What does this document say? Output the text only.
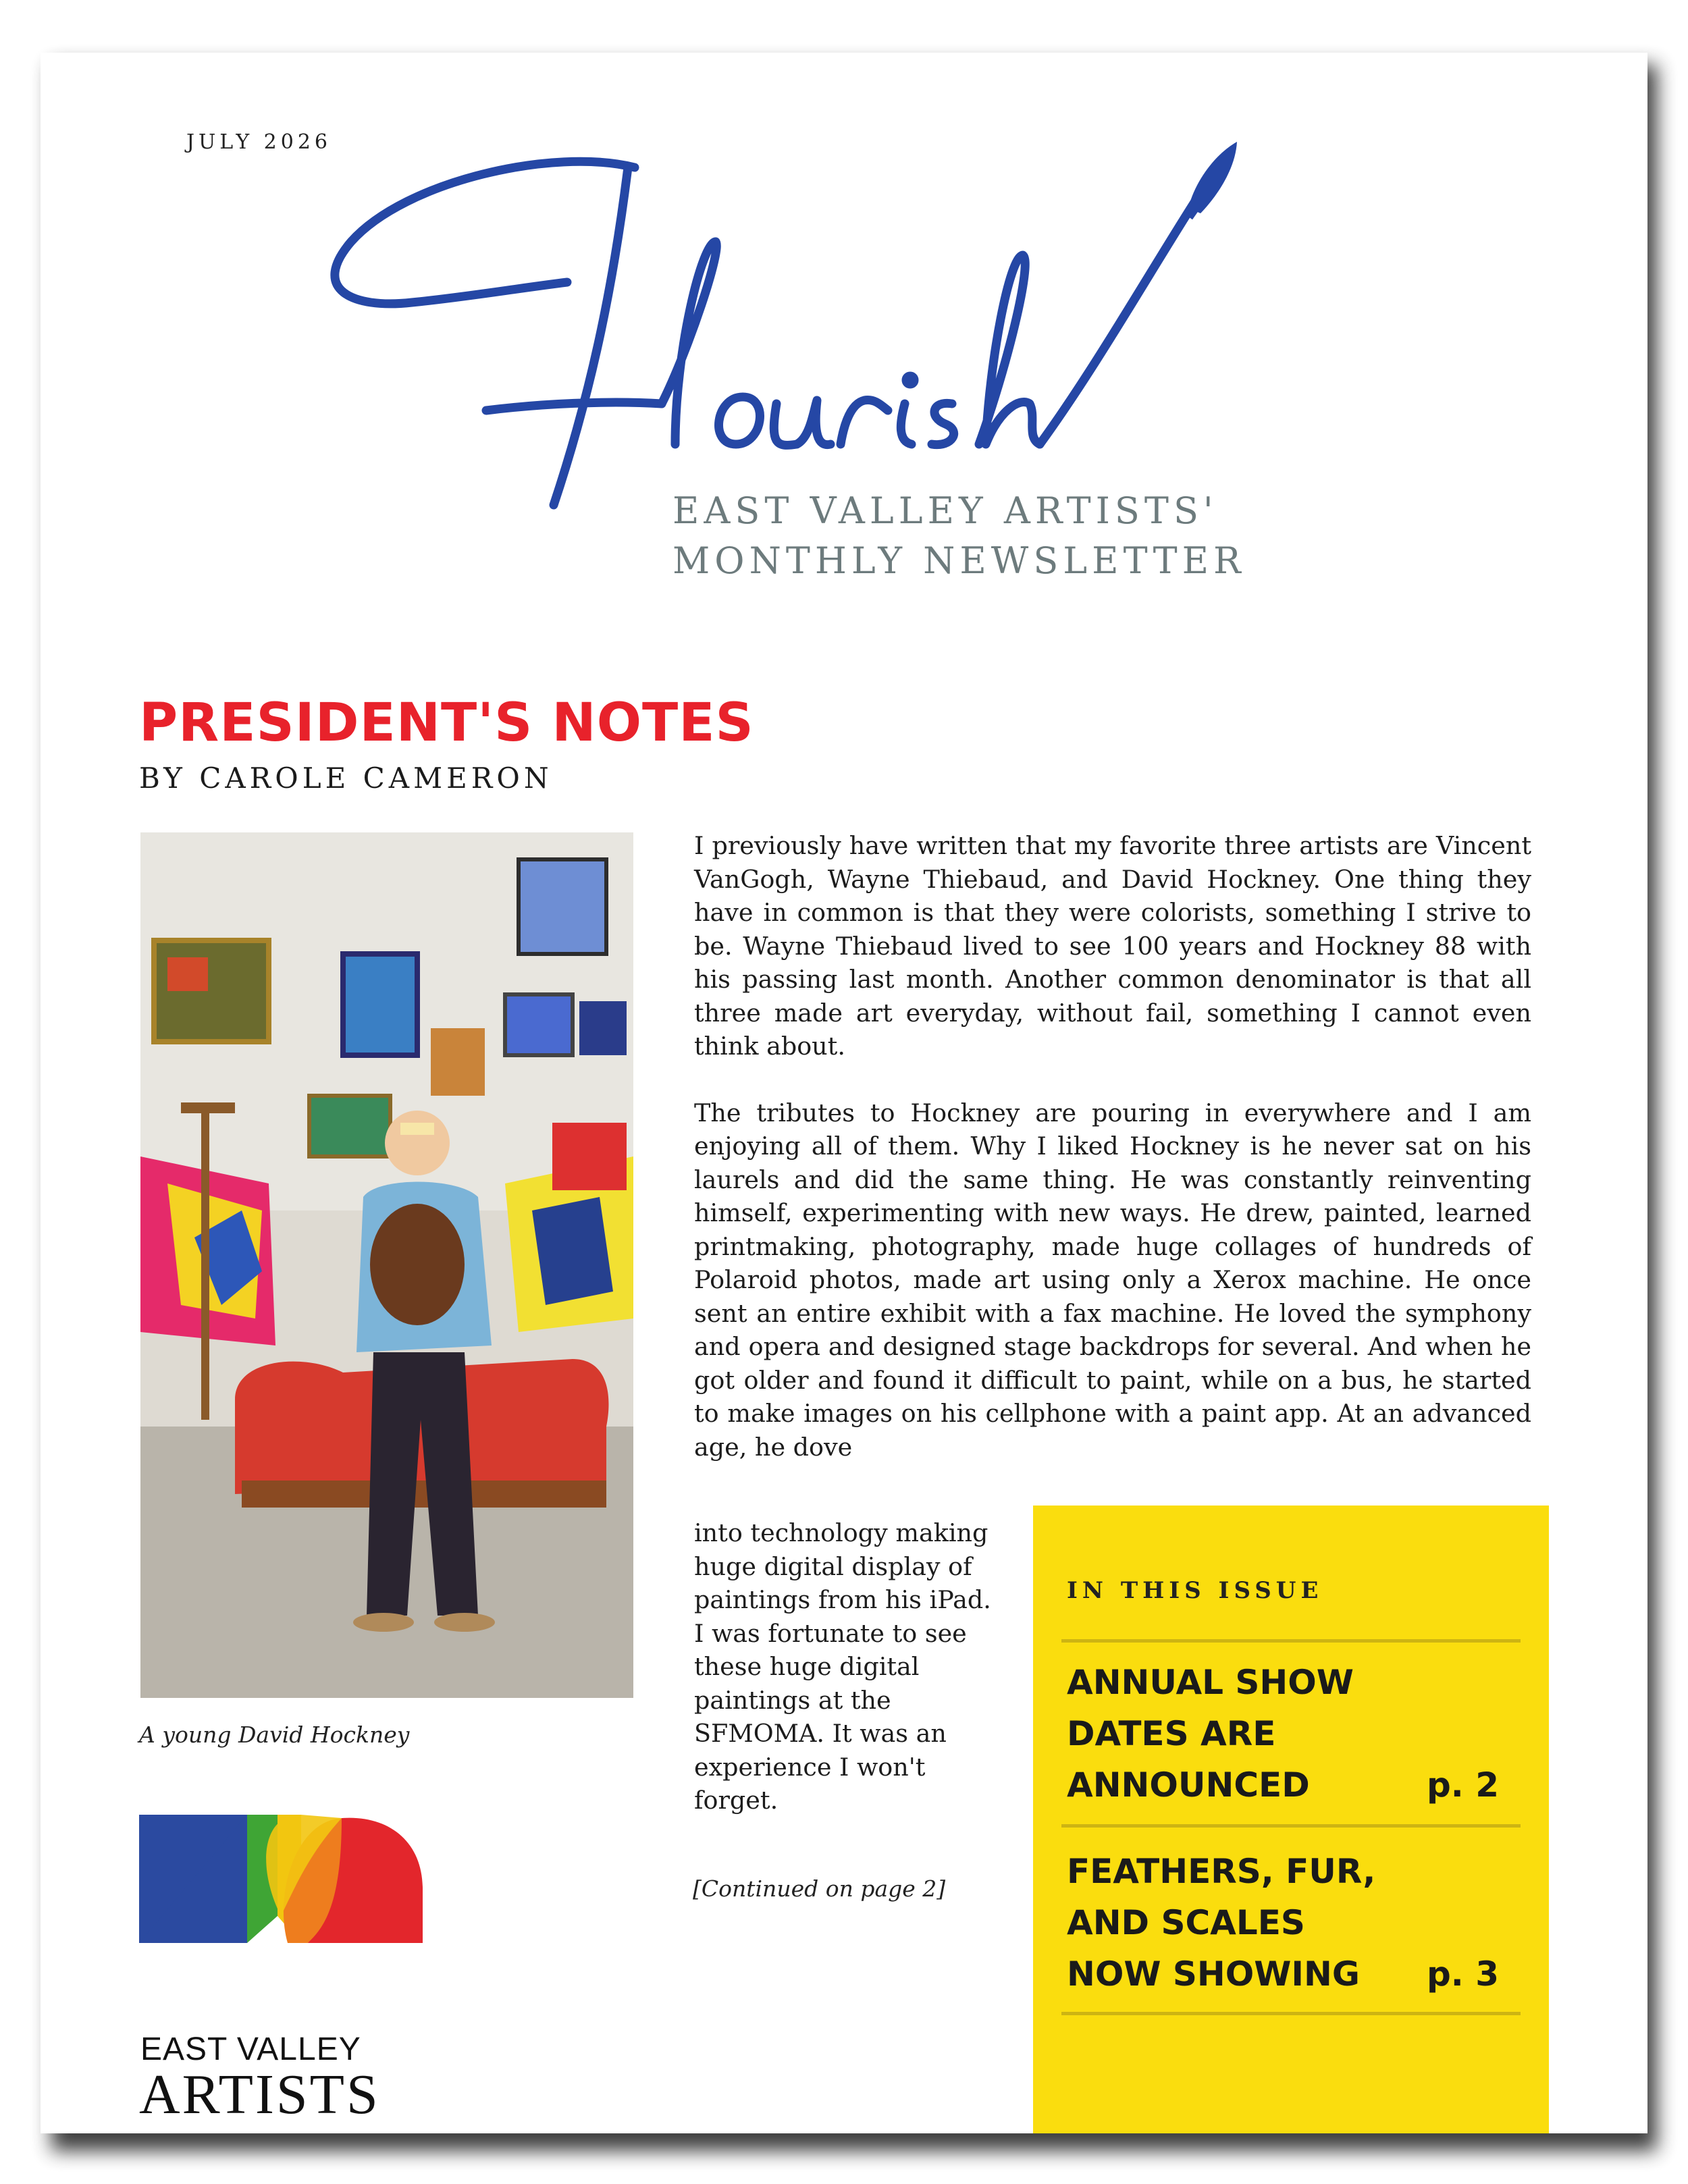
JULY 2026
EAST VALLEY ARTISTS'
MONTHLY NEWSLETTER
PRESIDENT'S NOTES
BY CAROLE CAMERON
A young David Hockney

I previously have written that my favorite three artists are Vincent VanGogh, Wayne Thiebaud, and David Hockney. One thing they have in common is that they were colorists, something I strive to be. Wayne Thiebaud lived to see 100 years and Hockney 88 with his passing last month. Another common denominator is that all three made art everyday, without fail, something I cannot even think about.

The tributes to Hockney are pouring in everywhere and I am enjoying all of them. Why I liked Hockney is he never sat on his laurels and did the same thing. He was constantly reinventing himself, experimenting with new ways. He drew, painted, learned printmaking, photography, made huge collages of hundreds of Polaroid photos, made art using only a Xerox machine. He once sent an entire exhibit with a fax machine. He loved the symphony and opera and designed stage backdrops for several. And when he got older and found it difficult to paint, while on a bus, he started to make images on his cellphone with a paint app. At an advanced age, he dove

into technology making huge digital display of paintings from his iPad. I was fortunate to see these huge digital paintings at the SFMOMA. It was an experience I won't forget.
[Continued on page 2]
EAST VALLEY
ARTISTS
IN THIS ISSUE
ANNUAL SHOW DATES ARE ANNOUNCED	p. 2
FEATHERS, FUR, AND SCALES NOW SHOWING	p. 3
